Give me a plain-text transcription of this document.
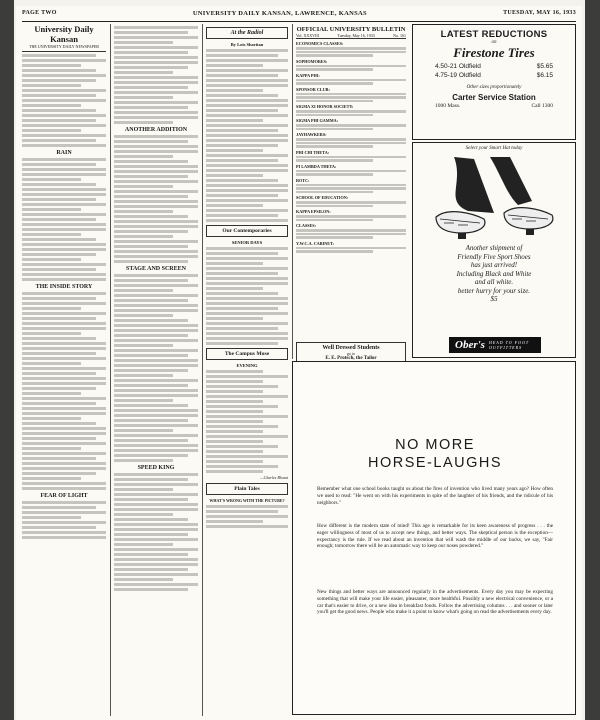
PAGE TWO	UNIVERSITY DAILY KANSAN, LAWRENCE, KANSAS	TUESDAY, MAY 16, 1933
University Daily Kansan
THE UNIVERSITY DAILY NEWSPAPER
RAIN
THE INSIDE STORY
FEAR OF LIGHT
ANOTHER ADDITION
STAGE AND SCREEN
SPEED KING
At the Radiol
By Lois Sharitan
Our Contemporaries
SENIOR DAYS
The Campus Muse
EVENING
—Charles Blount
Plain Tales
WHAT'S WRONG WITH THE PICTURE?
OFFICIAL UNIVERSITY BULLETIN
Vol. XXXVIII	Tuesday, May 16, 1933	No. 161
ECONOMICS CLASSES:
SOPHOMORES:
KAPPA PHI:
SPONSOR CLUB:
SIGMA XI HONOR SOCIETY:
SIGMA PHI GAMMA:
JAYHAWKERS:
PHI CHI THETA:
PI LAMBDA THETA:
ROTC:
SCHOOL OF EDUCATION:
KAPPA EPSILON:
CLASSES:
Y.W.C.A. CABINET:
Well Dressed Students
go to
E. E. Protsch, the Tailor
LATEST REDUCTIONS
on
Firestone Tires
4.50-21 Oldfield	$5.65
4.75-19 Oldfield	$6.15
Other sizes proportionately
Carter Service Station
1000 Mass.	Call 1300
Select your Smart Hat today
Another shipment of
Friendly Five Sport Shoes
has just arrived!
Including Black and White
and all white.
better hurry for your size.
$5
Ober's HEAD TO FOOT OUTFITTERS
NO MORE
HORSE-LAUGHS
Remember what one school books taught us about the fires of invention who lived many years ago? How often we used to read: "He went on with his experiments in spite of the laughter of his friends, and the ridicule of his neighbors."
How different is the modern state of mind! This age is remarkable for its keen awareness of progress . . . the eager willingness of most of us to accept new things, and better ways. The skeptical person is the exception—expectancy is the rule. If we read about an invention that will wash the middle of our backs, we say, "Fair enough; tomorrow there will be an automatic way to keep our noses powdered."
New things and better ways are announced regularly in the advertisements. Every day you may be expecting something that will make your life easier, pleasanter, more healthful. Possibly a new electrical convenience, or a car that's easier to drive, or a new idea in breakfast foods. Follow the advertising columns . . . and sooner or later you'll get the good news. People who make it a point to know what's going on read the advertisements every day.
